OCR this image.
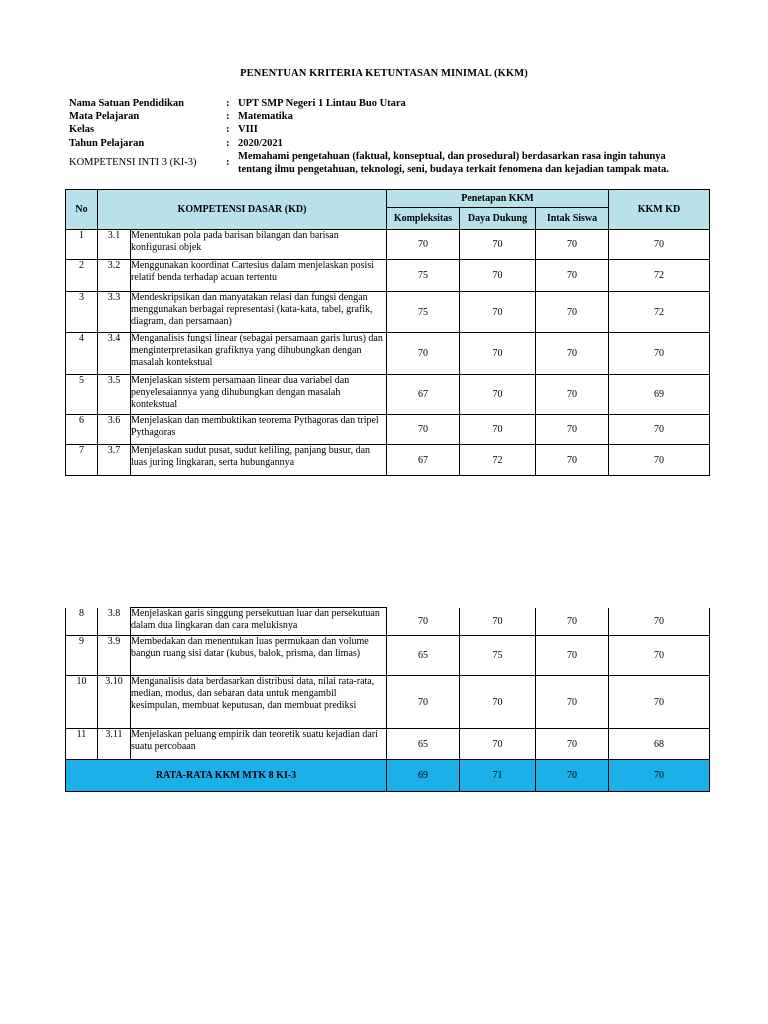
PENENTUAN KRITERIA KETUNTASAN MINIMAL (KKM)
Nama Satuan Pendidikan	: UPT SMP Negeri 1 Lintau Buo Utara
Mata Pelajaran	: Matematika
Kelas	: VIII
Tahun Pelajaran	: 2020/2021
KOMPETENSI INTI 3 (KI-3)	:
Memahami pengetahuan (faktual, konseptual, dan prosedural) berdasarkan rasa ingin tahunya
tentang ilmu pengetahuan, teknologi, seni, budaya terkait fenomena dan kejadian tampak mata.
No	KOMPETENSI DASAR (KD)		Penetapan KKM			KKM KD
			Kompleksitas	Daya Dukung	Intak Siswa	
1	3.1	Menentukan pola pada barisan bilangan dan barisan konfigurasi objek	70	70	70	70
2	3.2	Menggunakan koordinat Cartesius dalam menjelaskan posisi relatif benda terhadap acuan tertentu	75	70	70	72
3	3.3	Mendeskripsikan dan manyatakan relasi dan fungsi dengan menggunakan berbagai representasi (kata-kata, tabel, grafik, diagram, dan persamaan)	75	70	70	72
4	3.4	Menganalisis fungsi linear (sebagai persamaan garis lurus) dan menginterpretasikan grafiknya yang dihubungkan dengan masalah kontekstual	70	70	70	70
5	3.5	Menjelaskan sistem persamaan linear dua variabel dan penyelesaiannya yang dihubungkan dengan masalah kontekstual	67	70	70	69
6	3.6	Menjelaskan dan membuktikan teorema Pythagoras dan tripel Pythagoras	70	70	70	70
7	3.7	Menjelaskan sudut pusat, sudut keliling, panjang busur, dan luas juring lingkaran, serta hubungannya	67	72	70	70
8	3.8	Menjelaskan garis singgung persekutuan luar dan persekutuan dalam dua lingkaran dan cara melukisnya	70	70	70	70
9	3.9	Membedakan dan menentukan luas permukaan dan volume bangun ruang sisi datar (kubus, balok, prisma, dan limas)	65	75	70	70
10	3.10	Menganalisis data berdasarkan distribusi data, nilai rata-rata, median, modus, dan sebaran data untuk mengambil kesimpulan, membuat keputusan, dan membuat prediksi	70	70	70	70
11	3.11	Menjelaskan peluang empirik dan teoretik suatu kejadian dari suatu percobaan	65	70	70	68
RATA-RATA KKM MTK 8 KI-3			69	71	70	70
